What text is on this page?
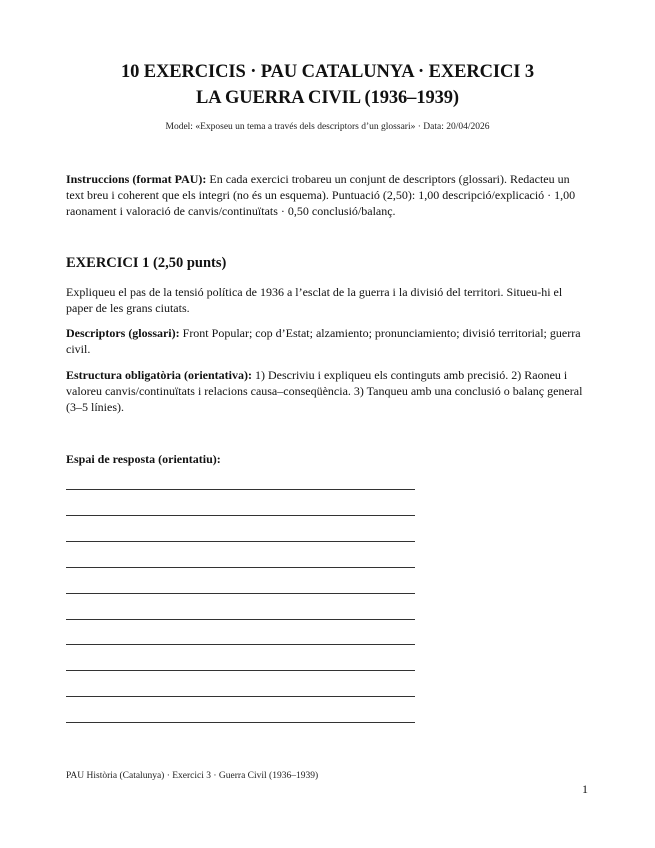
10 EXERCICIS · PAU CATALUNYA · EXERCICI 3
LA GUERRA CIVIL (1936–1939)
Model: «Exposeu un tema a través dels descriptors d’un glossari» · Data: 20/04/2026
Instruccions (format PAU): En cada exercici trobareu un conjunt de descriptors (glossari). Redacteu un text breu i coherent que els integri (no és un esquema). Puntuació (2,50): 1,00 descripció/explicació · 1,00 raonament i valoració de canvis/continuïtats · 0,50 conclusió/balanç.
EXERCICI 1 (2,50 punts)
Expliqueu el pas de la tensió política de 1936 a l’esclat de la guerra i la divisió del territori. Situeu-hi el paper de les grans ciutats.
Descriptors (glossari): Front Popular; cop d’Estat; alzamiento; pronunciamiento; divisió territorial; guerra civil.
Estructura obligatòria (orientativa): 1) Descriviu i expliqueu els continguts amb precisió. 2) Raoneu i valoreu canvis/continuïtats i relacions causa–conseqüència. 3) Tanqueu amb una conclusió o balanç general (3–5 línies).
Espai de resposta (orientatiu):
PAU Història (Catalunya) · Exercici 3 · Guerra Civil (1936–1939)
1
